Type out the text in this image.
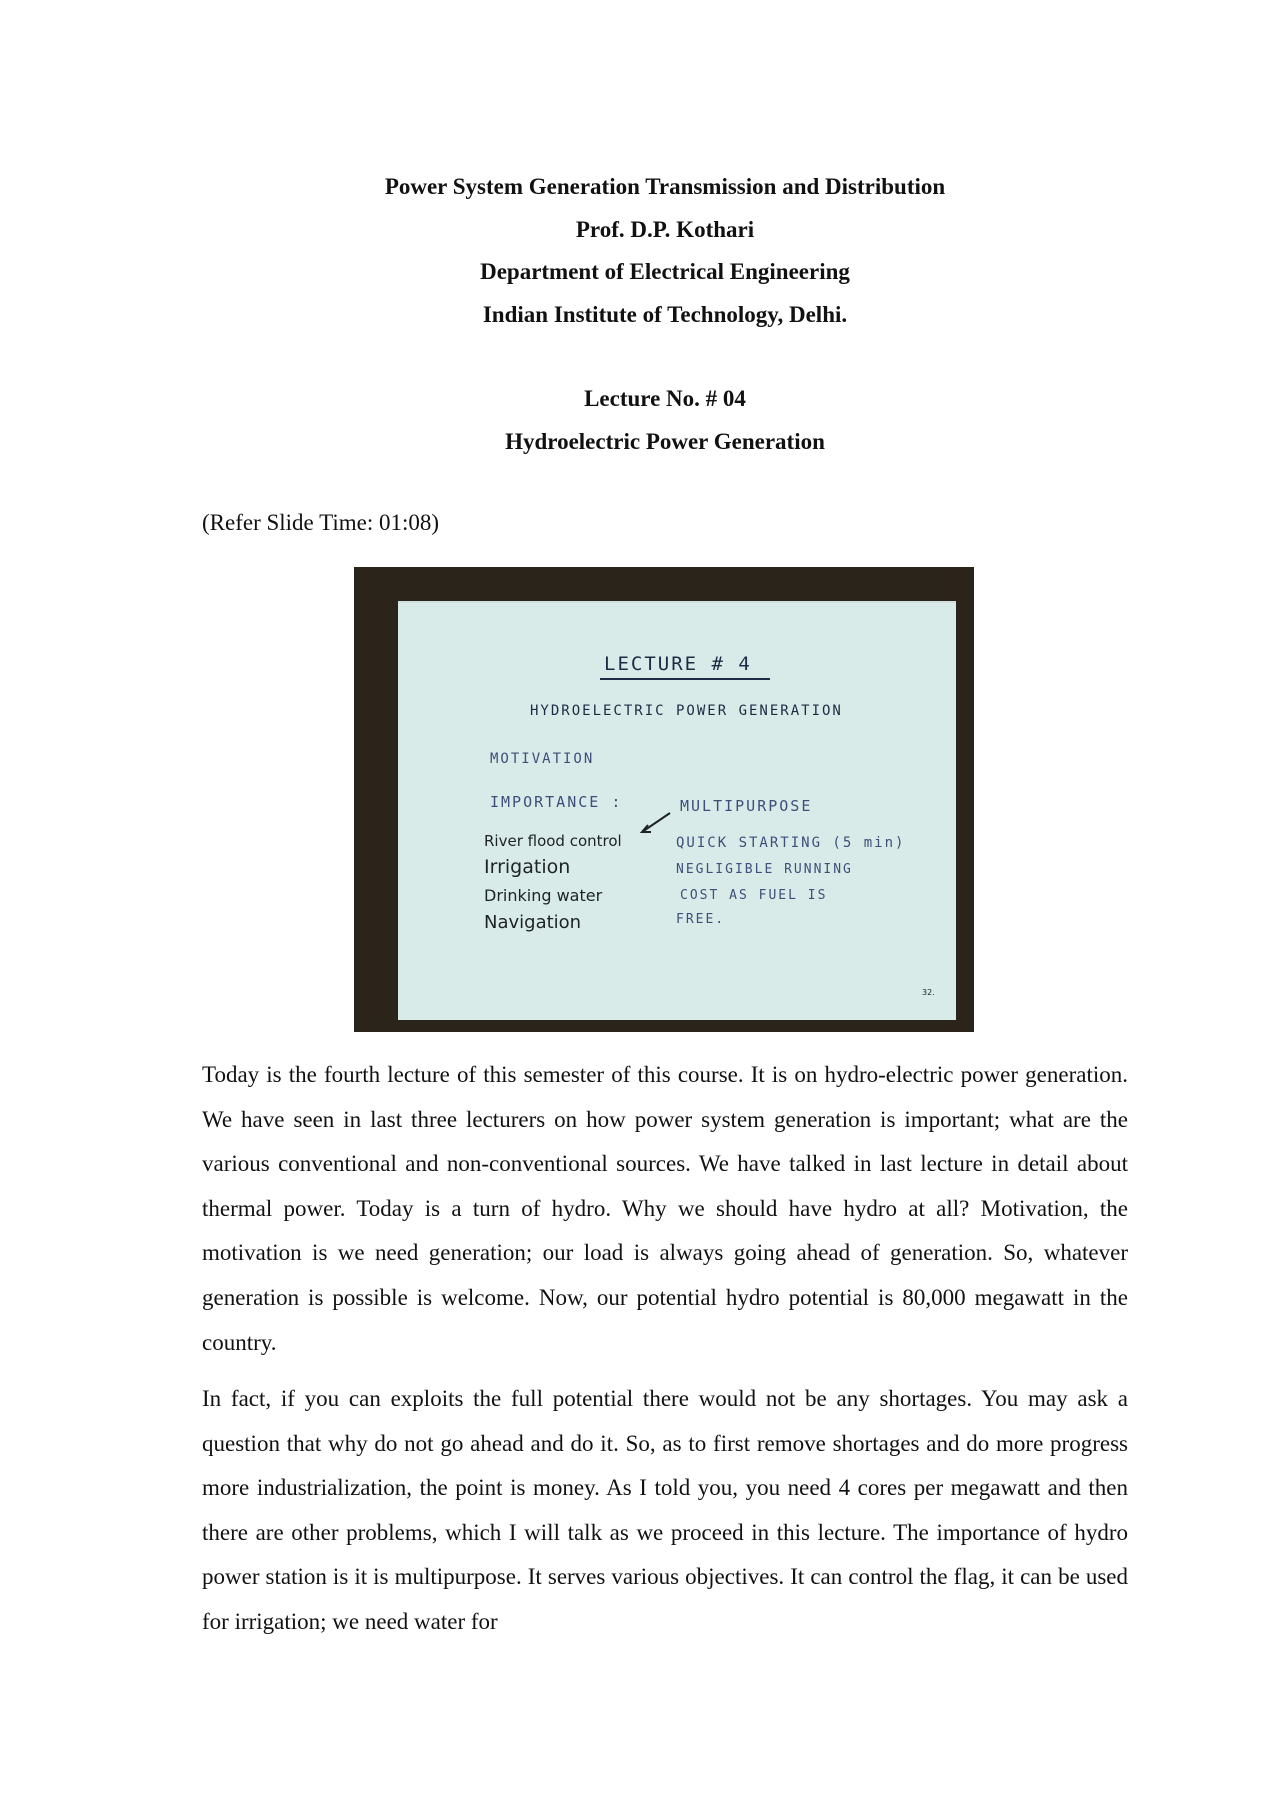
Power System Generation Transmission and Distribution
Prof. D.P. Kothari
Department of Electrical Engineering
Indian Institute of Technology, Delhi.
Lecture No. # 04
Hydroelectric Power Generation
(Refer Slide Time: 01:08)
LECTURE # 4
HYDROELECTRIC POWER GENERATION
MOTIVATION
IMPORTANCE :	MULTIPURPOSE
River flood control
Irrigation
Drinking water
Navigation
QUICK STARTING (5 min)
NEGLIGIBLE RUNNING
COST AS FUEL IS
FREE.
32.
Today is the fourth lecture of this semester of this course. It is on hydro-electric power generation. We have seen in last three lecturers on how power system generation is important; what are the various conventional and non-conventional sources. We have talked in last lecture in detail about thermal power. Today is a turn of hydro. Why we should have hydro at all? Motivation, the motivation is we need generation; our load is always going ahead of generation. So, whatever generation is possible is welcome. Now, our potential hydro potential is 80,000 megawatt in the country.
In fact, if you can exploits the full potential there would not be any shortages. You may ask a question that why do not go ahead and do it. So, as to first remove shortages and do more progress more industrialization, the point is money. As I told you, you need 4 cores per megawatt and then there are other problems, which I will talk as we proceed in this lecture. The importance of hydro power station is it is multipurpose. It serves various objectives. It can control the flag, it can be used for irrigation; we need water for
